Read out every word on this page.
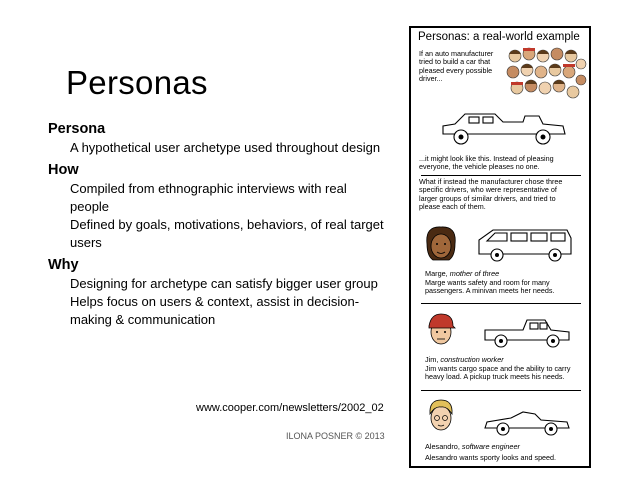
Personas
Persona
A hypothetical user archetype used throughout design
How
Compiled from ethnographic interviews with real
people
Defined by goals, motivations, behaviors, of real target
users
Why
Designing for archetype can satisfy bigger user group
Helps focus on users & context, assist in decision-
making & communication
www.cooper.com/newsletters/2002_02
ILONA POSNER © 2013
Personas: a real-world example
If an auto manufacturer
tried to build a car that
pleased every possible
driver...
...it might look like this. Instead of pleasing
everyone, the vehicle pleases no one.
What if instead the manufacturer chose three
specific drivers, who were representative of
larger groups of similar drivers, and tried to
please each of them.
Marge, mother of three
Marge wants safety and room for many
passengers. A minivan meets her needs.
Jim, construction worker
Jim wants cargo space and the ability to carry
heavy load. A pickup truck meets his needs.
Alesandro, software engineer
Alesandro wants sporty looks and speed.
